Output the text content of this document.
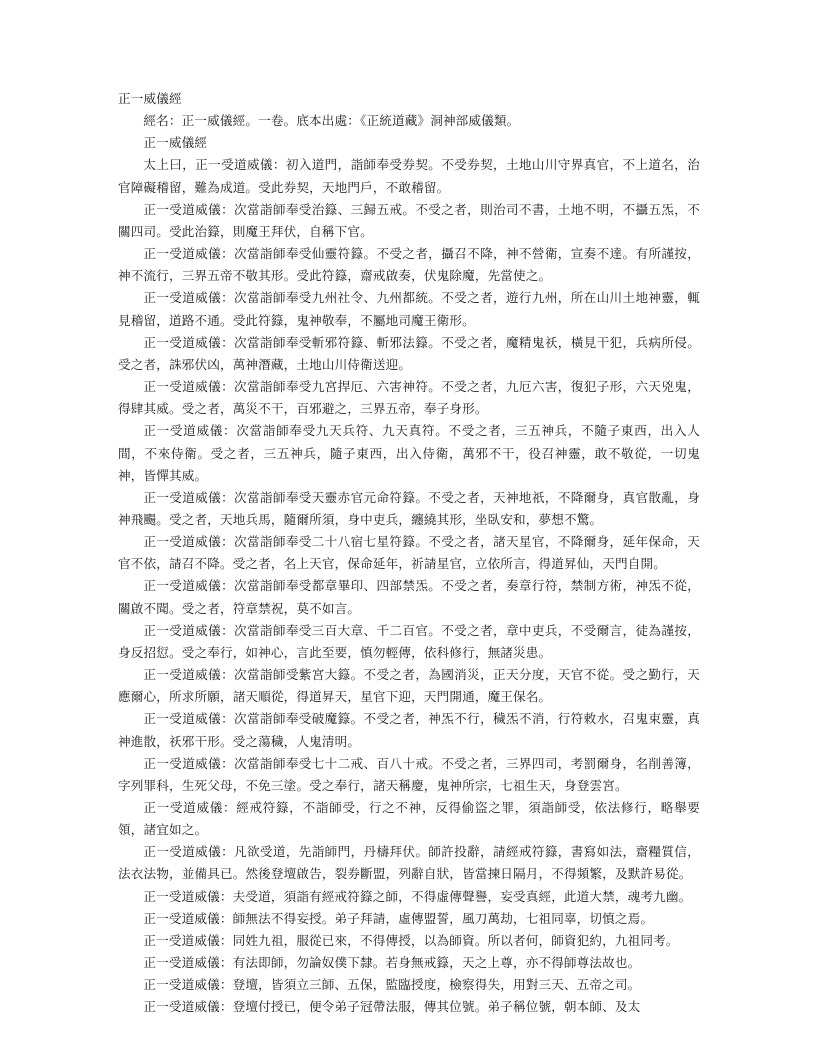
正一威儀經

經名：正一威儀經。一卷。底本出處：《正統道藏》洞神部威儀類。

正一威儀經

太上曰，正一受道威儀：初入道門，詣師奉受券契。不受券契，土地山川守界真官，不上道名，治官障礙稽留，難為成道。受此券契，天地門戶，不敢稽留。

正一受道威儀：次當詣師奉受治籙、三歸五戒。不受之者，則治司不書，土地不明，不攝五炁，不關四司。受此治籙，則魔王拜伏，自稱下官。

正一受道威儀：次當詣師奉受仙靈符籙。不受之者，攝召不降，神不營衛，宣奏不達。有所謹按，神不流行，三界五帝不敬其形。受此符籙，齋戒啟奏，伏鬼除魔，先當使之。

正一受道威儀：次當詣師奉受九州社令、九州都統。不受之者，遊行九州，所在山川土地神靈，輒見稽留，道路不通。受此符籙，鬼神敬奉，不屬地司魔王衛形。

正一受道威儀：次當詣師奉受斬邪符籙、斬邪法籙。不受之者，魔精鬼祅，橫見干犯，兵病所侵。受之者，誅邪伏凶，萬神潛藏，土地山川侍衛送迎。

正一受道威儀：次當詣師奉受九宮捍厄、六害神符。不受之者，九厄六害，復犯子形，六天兇鬼，得肆其威。受之者，萬災不干，百邪避之，三界五帝，奉子身形。

正一受道威儀：次當詣師奉受九天兵符、九天真符。不受之者，三五神兵，不隨子東西，出入人間，不來侍衛。受之者，三五神兵，隨子東西，出入侍衛，萬邪不干，役召神靈，敢不敬從，一切鬼神，皆憚其威。

正一受道威儀：次當詣師奉受天靈赤官元命符籙。不受之者，天神地祇，不降爾身，真官散亂，身神飛颺。受之者，天地兵馬，隨爾所須，身中吏兵，纏繞其形，坐臥安和，夢想不驚。

正一受道威儀：次當詣師奉受二十八宿七星符籙。不受之者，諸天星官，不降爾身，延年保命，天官不依，請召不降。受之者，名上天官，保命延年，祈請星官，立依所言，得道昇仙，天門自開。

正一受道威儀：次當詣師奉受都章畢印、四部禁炁。不受之者，奏章行符，禁制方術，神炁不從，關啟不聞。受之者，符章禁祝，莫不如言。

正一受道威儀：次當詣師奉受三百大章、千二百官。不受之者，章中吏兵，不受爾言，徒為謹按，身反招愆。受之奉行，如神心，言此至要，慎勿輕傳，依科修行，無諸災患。

正一受道威儀：次當詣師受紫宮大籙。不受之者，為國消災，正天分度，天官不從。受之勤行，天應爾心，所求所願，諸天順從，得道昇天，星官下迎，天門開通，魔王保名。

正一受道威儀：次當詣師奉受破魔籙。不受之者，神炁不行，穢炁不消，行符敕水，召鬼束靈，真神進散，祅邪干形。受之蕩穢，人鬼清明。

正一受道威儀：次當詣師奉受七十二戒、百八十戒。不受之者，三界四司，考罰爾身，名削善簿，字列罪科，生死父母，不免三塗。受之奉行，諸天稱慶，鬼神所宗，七祖生天，身登雲宮。

正一受道威儀：經戒符籙，不詣師受，行之不神，反得偷盜之罪，須詣師受，依法修行，略舉要領，諸宜如之。

正一受道威儀：凡欲受道，先詣師門，丹檮拜伏。師許投辭，請經戒符籙，書寫如法，齋糧質信，法衣法物，並備具已。然後登壇啟告，裂券斷盟，列辭自狀，皆當揀日隔月，不得頻繁，及默許易從。

正一受道威儀：夫受道，須詣有經戒符籙之師，不得虛傳聲譽，妄受真經，此道大禁，魂考九幽。

正一受道威儀：師無法不得妄授。弟子拜請，虛傳盟誓，風刀萬劫，七祖同辜，切慎之焉。

正一受道威儀：同姓九祖，服從已來，不得傳授，以為師資。所以者何，師資犯約，九祖同考。

正一受道威儀：有法即師，勿論奴僕下隸。若身無戒籙，天之上尊，亦不得師尊法故也。

正一受道威儀：登壇，皆須立三師、五保，監臨授度，檢察得失，用對三天、五帝之司。

正一受道威儀：登壇付授已，便令弟子冠帶法服，傳其位號。弟子稱位號，朝本師、及太
